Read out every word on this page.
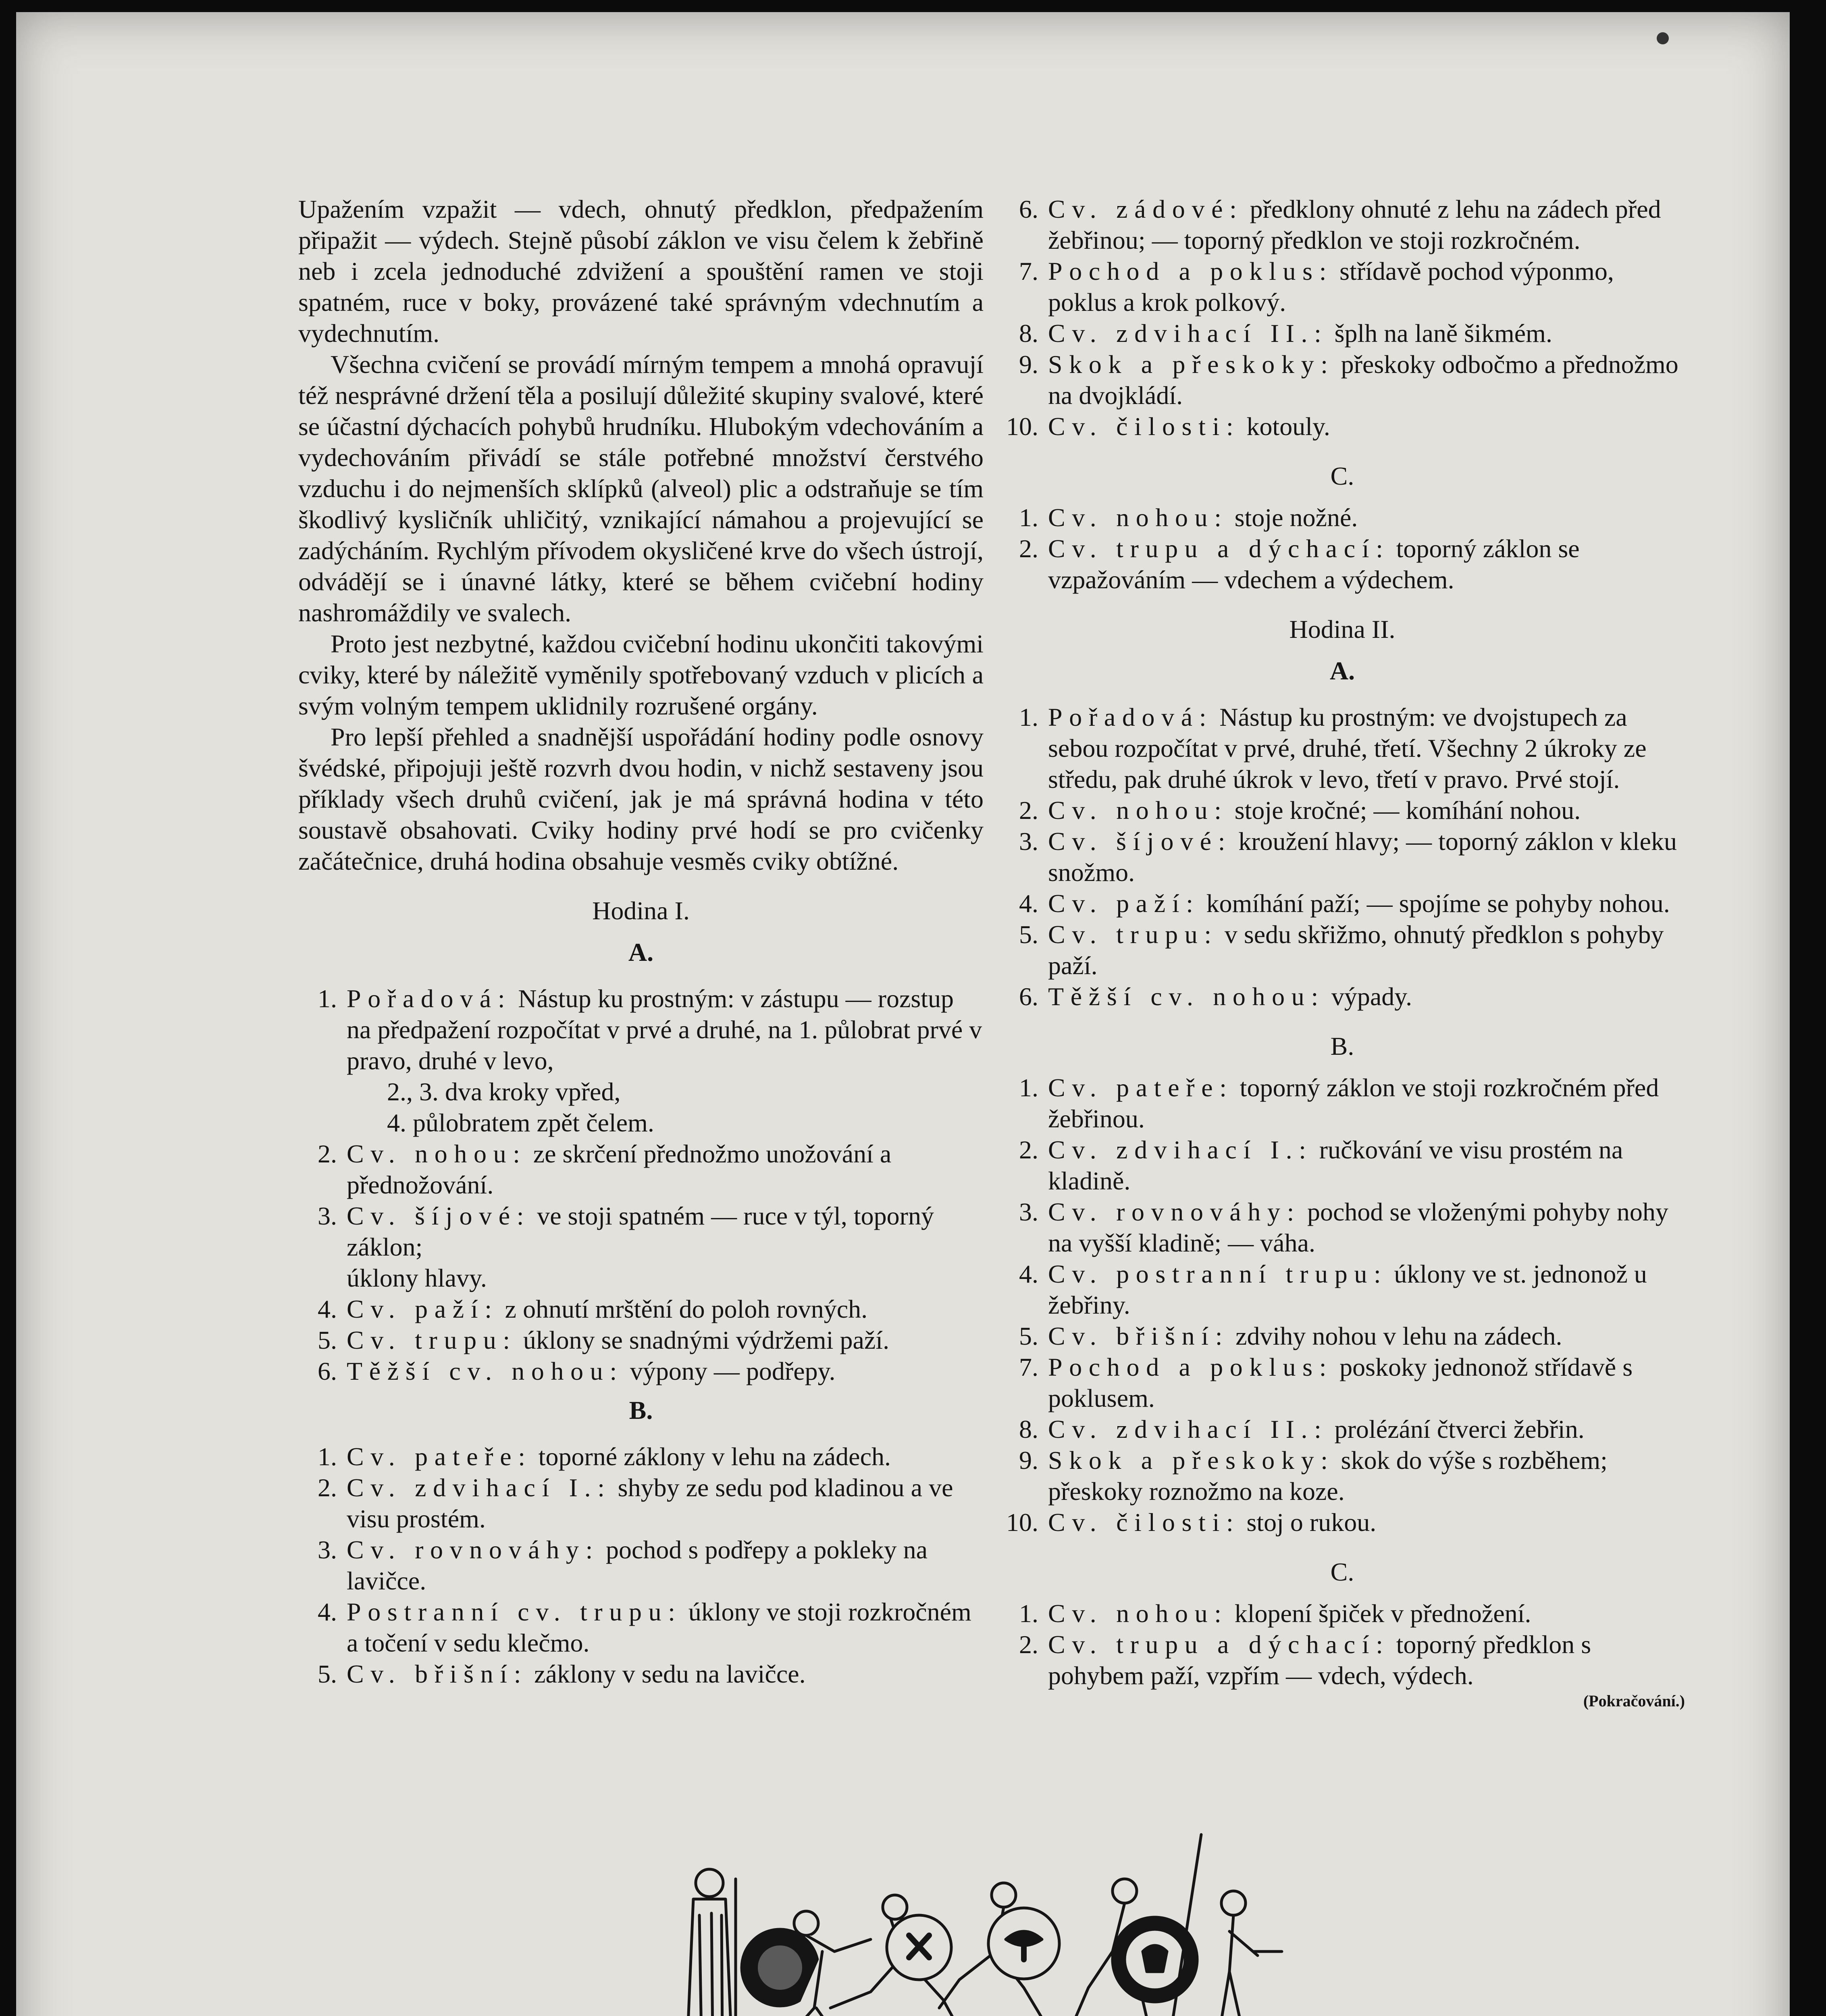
Upažením vzpažit — vdech, ohnutý předklon, předpažením připažit — výdech. Stejně působí záklon ve visu čelem k žebřině neb i zcela jednoduché zdvižení a spouštění ramen ve stoji spatném, ruce v boky, provázené také správným vdechnutím a vydechnutím.

Všechna cvičení se provádí mírným tempem a mnohá opravují též nesprávné držení těla a posilují důležité skupiny svalové, které se účastní dýchacích pohybů hrudníku. Hlubokým vdechováním a vydechováním přivádí se stále potřebné množství čerstvého vzduchu i do nejmenších sklípků (alveol) plic a odstraňuje se tím škodlivý kysličník uhličitý, vznikající námahou a projevující se zadýcháním. Rychlým přívodem okysličené krve do všech ústrojí, odvádějí se i únavné látky, které se během cvičební hodiny nashromáždily ve svalech.

Proto jest nezbytné, každou cvičební hodinu ukončiti takovými cviky, které by náležitě vyměnily spotřebovaný vzduch v plicích a svým volným tempem uklidnily rozrušené orgány.

Pro lepší přehled a snadnější uspořádání hodiny podle osnovy švédské, připojuji ještě rozvrh dvou hodin, v nichž sestaveny jsou příklady všech druhů cvičení, jak je má správná hodina v této soustavě obsahovati. Cviky hodiny prvé hodí se pro cvičenky začátečnice, druhá hodina obsahuje vesměs cviky obtížné.

Hodina I.
A.
1. Pořadová: Nástup ku prostným: v zástupu — rozstup na předpažení rozpočítat v prvé a druhé, na 1. půlobrat prvé v pravo, druhé v levo,
2., 3. dva kroky vpřed,
4. půlobratem zpět čelem.
2. Cv. nohou: ze skrčení přednožmo unožování a přednožování.
3. Cv. šíjové: ve stoji spatném — ruce v týl, toporný záklon;
úklony hlavy.
4. Cv. paží: z ohnutí mrštění do poloh rovných.
5. Cv. trupu: úklony se snadnými výdržemi paží.
6. Těžší cv. nohou: výpony — podřepy.
B.
1. Cv. pateře: toporné záklony v lehu na zádech.
2. Cv. zdvihací I.: shyby ze sedu pod kladinou a ve visu prostém.
3. Cv. rovnováhy: pochod s podřepy a poklekу na lavičce.
4. Postranní cv. trupu: úklony ve stoji rozkročném a točení v sedu klečmo.
5. Cv. břišní: záklony v sedu na lavičce.
6. Cv. zádové: předklony ohnuté z lehu na zádech před žebřinou; — toporný předklon ve stoji rozkročném.
7. Pochod a poklus: střídavě pochod výponmo, poklus a krok polkový.
8. Cv. zdvihací II.: šplh na laně šikmém.
9. Skok a přeskoky: přeskoky odbočmo a přednožmo na dvojkládí.
10. Cv. čilosti: kotouly.
C.
1. Cv. nohou: stoje nožné.
2. Cv. trupu a dýchací: toporný záklon se vzpažováním — vdechem a výdechem.
Hodina II.
A.
1. Pořadová: Nástup ku prostným: ve dvojstupech za sebou rozpočítat v prvé, druhé, třetí. Všechny 2 úkroky ze středu, pak druhé úkrok v levo, třetí v pravo. Prvé stojí.
2. Cv. nohou: stoje kročné; — komíhání nohou.
3. Cv. šíjové: kroužení hlavy; — toporný záklon v kleku snožmo.
4. Cv. paží: komíhání paží; — spojíme se pohyby nohou.
5. Cv. trupu: v sedu skřižmo, ohnutý předklon s pohyby paží.
6. Těžší cv. nohou: výpady.
B.
1. Cv. pateře: toporný záklon ve stoji rozkročném před žebřinou.
2. Cv. zdvihací I.: ručkování ve visu prostém na kladině.
3. Cv. rovnováhy: pochod se vloženými pohyby nohy na vyšší kladině; — váha.
4. Cv. postranní trupu: úklony ve st. jednonož u žebřiny.
5. Cv. břišní: zdvihy nohou v lehu na zádech.
7. Pochod a poklus: poskoky jednonož střídavě s poklusem.
8. Cv. zdvihací II.: prolézání čtverci žebřin.
9. Skok a přeskoky: skok do výše s rozběhem; přeskoky roznožmo na koze.
10. Cv. čilosti: stoj o rukou.
C.
1. Cv. nohou: klopení špiček v přednožení.
2. Cv. trupu a dýchací: toporný předklon s pohybem paží, vzpřím — vdech, výdech.
(Pokračování.)
